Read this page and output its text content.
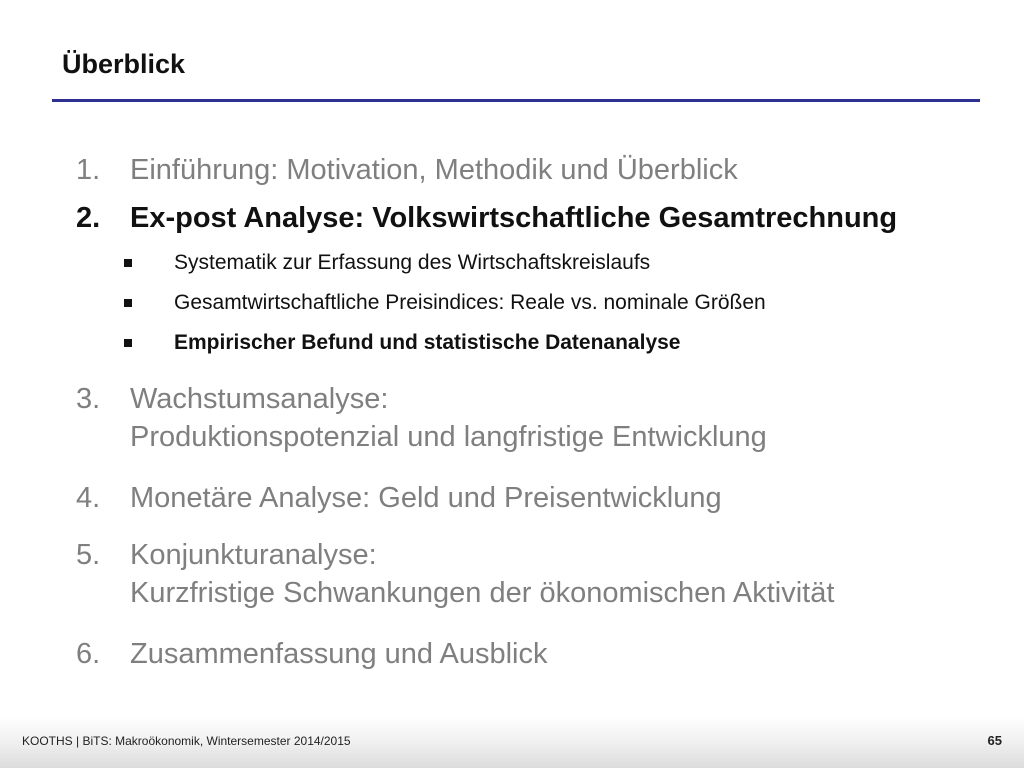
Überblick
1.	Einführung: Motivation, Methodik und Überblick
2.	Ex-post Analyse: Volkswirtschaftliche Gesamtrechnung
Systematik zur Erfassung des Wirtschaftskreislaufs
Gesamtwirtschaftliche Preisindices: Reale vs. nominale Größen
Empirischer Befund und statistische Datenanalyse
3.	Wachstumsanalyse:
Produktionspotenzial und langfristige Entwicklung
4.	Monetäre Analyse: Geld und Preisentwicklung
5.	Konjunkturanalyse:
Kurzfristige Schwankungen der ökonomischen Aktivität
6.	Zusammenfassung und Ausblick
KOOTHS | BiTS: Makroökonomik, Wintersemester 2014/2015	65
